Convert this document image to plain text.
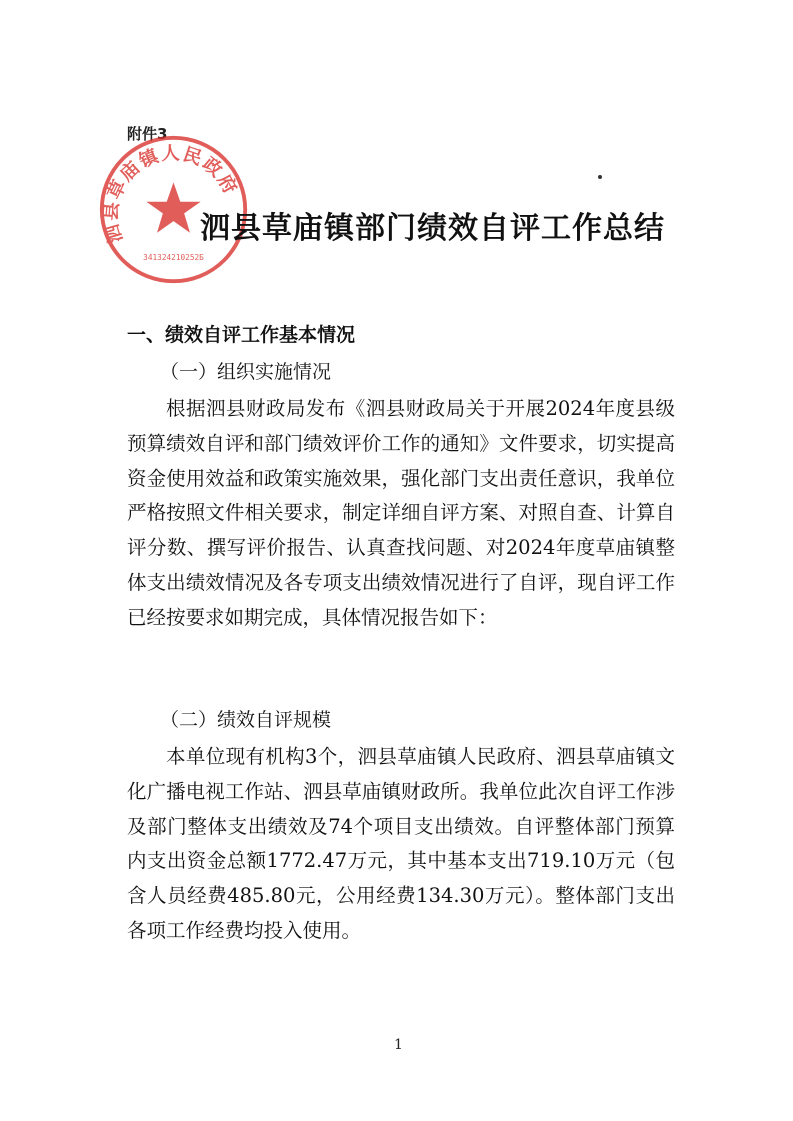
附件3
泗县草庙镇人民政府
341324210252Б
泗县草庙镇部门绩效自评工作总结
一、绩效自评工作基本情况
（一）组织实施情况

根据泗县财政局发布《泗县财政局关于开展2024年度县级预算绩效自评和部门绩效评价工作的通知》文件要求，切实提高资金使用效益和政策实施效果，强化部门支出责任意识，我单位严格按照文件相关要求，制定详细自评方案、对照自查、计算自评分数、撰写评价报告、认真查找问题、对2024年度草庙镇整体支出绩效情况及各专项支出绩效情况进行了自评，现自评工作已经按要求如期完成，具体情况报告如下：

（二）绩效自评规模

本单位现有机构3个，泗县草庙镇人民政府、泗县草庙镇文化广播电视工作站、泗县草庙镇财政所。我单位此次自评工作涉及部门整体支出绩效及74个项目支出绩效。自评整体部门预算内支出资金总额1772.47万元，其中基本支出719.10万元（包含人员经费485.80元，公用经费134.30万元）。整体部门支出各项工作经费均投入使用。

1
